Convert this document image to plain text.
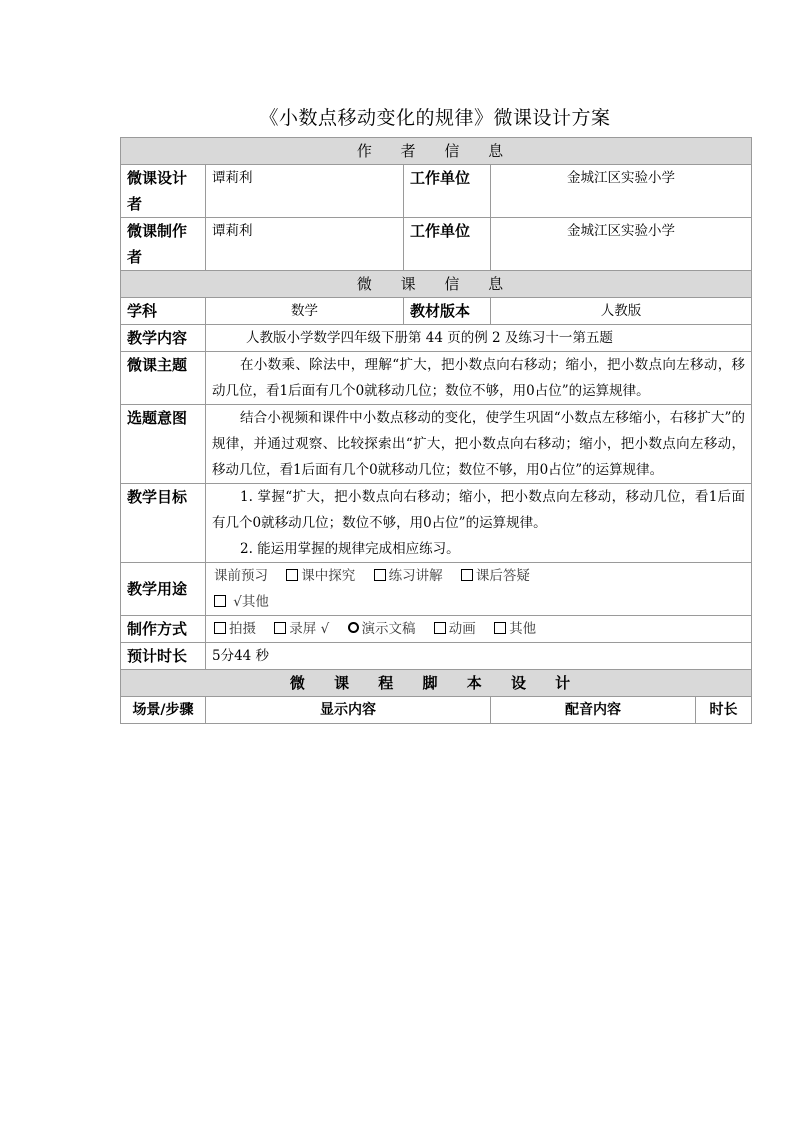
《小数点移动变化的规律》微课设计方案
作 者 信 息				
微课设计者	谭莉利	工作单位	金城江区实验小学	
微课制作者	谭莉利	工作单位	金城江区实验小学	
微 课 信 息				
学科	数学	教材版本	人教版	
教学内容	人教版小学数学四年级下册第 44 页的例 2 及练习十一第五题			
微课主题	在小数乘、除法中，理解“扩大，把小数点向右移动；缩小，把小数点向左移动，移动几位，看1后面有几个0就移动几位；数位不够，用0占位”的运算规律。			

选题意图	结合小视频和课件中小数点移动的变化，使学生巩固“小数点左移缩小，右移扩大”的规律，并通过观察、比较探索出“扩大，把小数点向右移动；缩小，把小数点向左移动，移动几位，看1后面有几个0就移动几位；数位不够，用0占位”的运算规律。			

教学目标	1. 掌握“扩大，把小数点向右移动；缩小，把小数点向左移动，移动几位，看1后面有几个0就移动几位；数位不够，用0占位”的运算规律。

2. 能运用掌握的规律完成相应练习。			

教学用途	课前预习 课中探究 练习讲解 课后答疑
√其他			

制作方式	拍摄 录屏 √ 演示文稿 动画 其他			
预计时长	5分44 秒			
微 课 程 脚 本 设 计				
场景/步骤	显示内容		配音内容	时长
